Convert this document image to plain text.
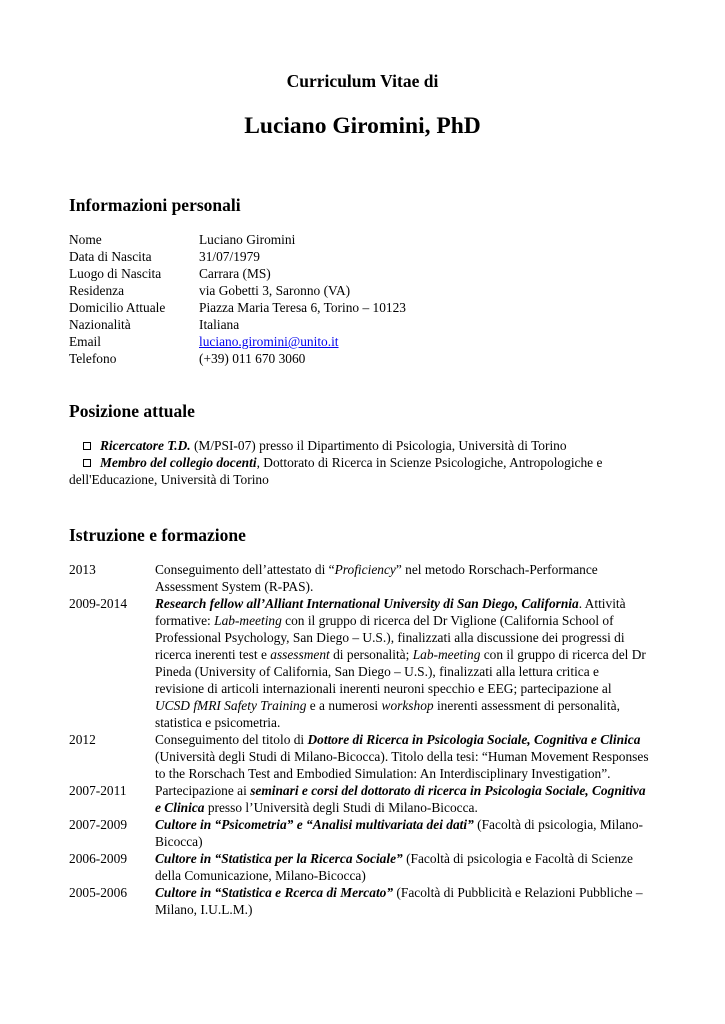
Curriculum Vitae di
Luciano Giromini, PhD
Informazioni personali
Nome	Luciano Giromini
Data di Nascita	31/07/1979
Luogo di Nascita	Carrara (MS)
Residenza	via Gobetti 3, Saronno (VA)
Domicilio Attuale	Piazza Maria Teresa 6, Torino – 10123
Nazionalità	Italiana
Email	luciano.giromini@unito.it
Telefono	(+39) 011 670 3060
Posizione attuale
Ricercatore T.D. (M/PSI-07) presso il Dipartimento di Psicologia, Università di Torino
Membro del collegio docenti, Dottorato di Ricerca in Scienze Psicologiche, Antropologiche e
dell'Educazione, Università di Torino
Istruzione e formazione
2013	Conseguimento dell’attestato di “Proficiency” nel metodo Rorschach-Performance Assessment System (R-PAS).
2009-2014	Research fellow all’Alliant International University di San Diego, California. Attività formative: Lab-meeting con il gruppo di ricerca del Dr Viglione (California School of Professional Psychology, San Diego – U.S.), finalizzati alla discussione dei progressi di ricerca inerenti test e assessment di personalità; Lab-meeting con il gruppo di ricerca del Dr Pineda (University of California, San Diego – U.S.), finalizzati alla lettura critica e revisione di articoli internazionali inerenti neuroni specchio e EEG; partecipazione al UCSD fMRI Safety Training e a numerosi workshop inerenti assessment di personalità, statistica e psicometria.
2012	Conseguimento del titolo di Dottore di Ricerca in Psicologia Sociale, Cognitiva e Clinica (Università degli Studi di Milano-Bicocca). Titolo della tesi: “Human Movement Responses to the Rorschach Test and Embodied Simulation: An Interdisciplinary Investigation”.
2007-2011	Partecipazione ai seminari e corsi del dottorato di ricerca in Psicologia Sociale, Cognitiva e Clinica presso l’Università degli Studi di Milano-Bicocca.
2007-2009	Cultore in “Psicometria” e “Analisi multivariata dei dati” (Facoltà di psicologia, Milano-Bicocca)
2006-2009	Cultore in “Statistica per la Ricerca Sociale” (Facoltà di psicologia e Facoltà di Scienze della Comunicazione, Milano-Bicocca)
2005-2006	Cultore in “Statistica e Rcerca di Mercato” (Facoltà di Pubblicità e Relazioni Pubbliche – Milano, I.U.L.M.)
